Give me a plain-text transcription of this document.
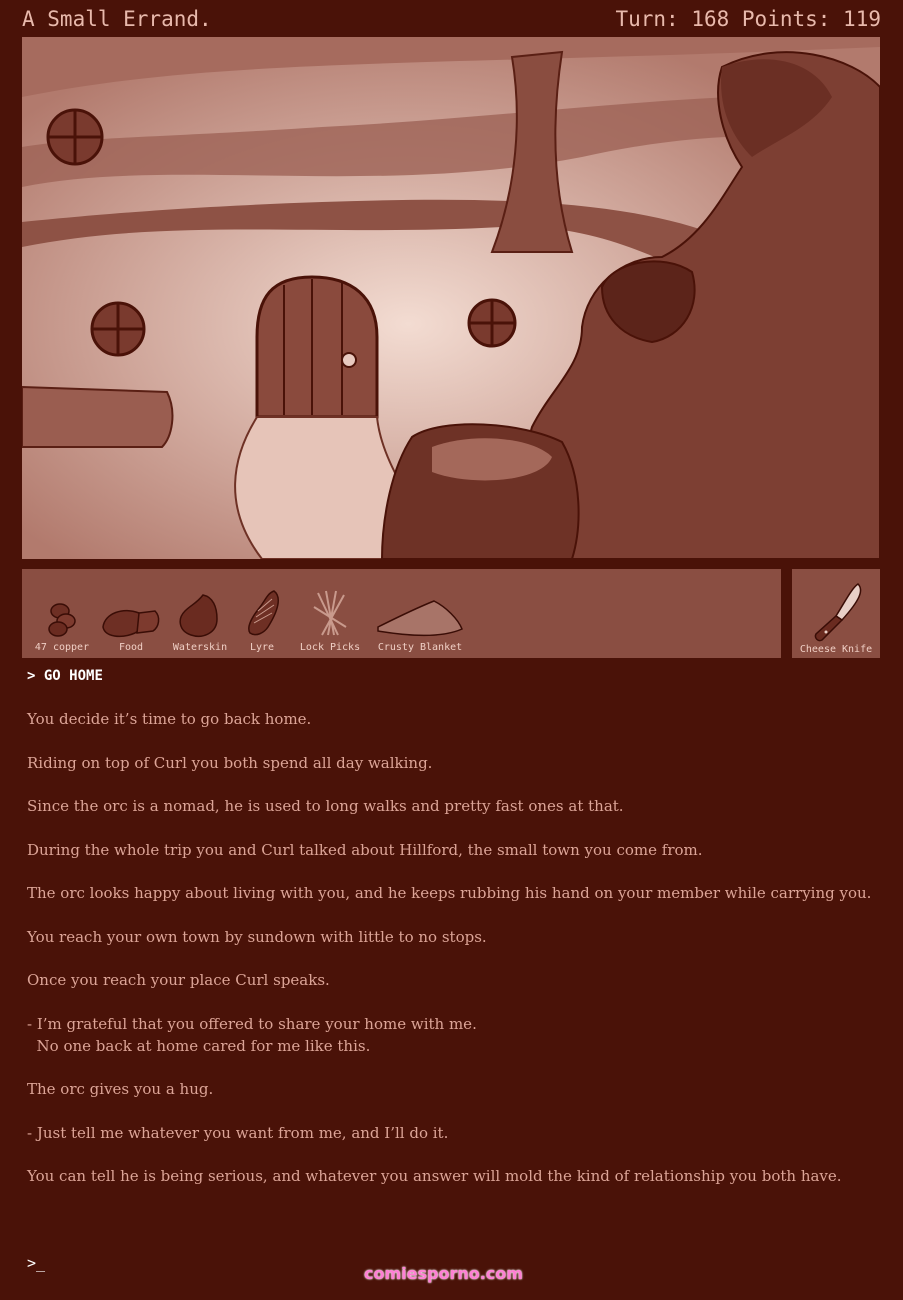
A Small Errand.	Turn: 168 Points: 119
47 copper	Food	Waterskin Lyre	Lock Picks Crusty Blanket	Cheese Knife
> GO HOME

You decide it’s time to go back home.

Riding on top of Curl you both spend all day walking.

Since the orc is a nomad, he is used to long walks and pretty fast ones at that.

During the whole trip you and Curl talked about Hillford, the small town you come from.

The orc looks happy about living with you, and he keeps rubbing his hand on your member while carrying you.

You reach your own town by sundown with little to no stops.

Once you reach your place Curl speaks.

- I’m grateful that you offered to share your home with me.
No one back at home cared for me like this.

The orc gives you a hug.

- Just tell me whatever you want from me, and I’ll do it.

You can tell he is being serious, and whatever you answer will mold the kind of relationship you both have.

>_
comiesporno.com
